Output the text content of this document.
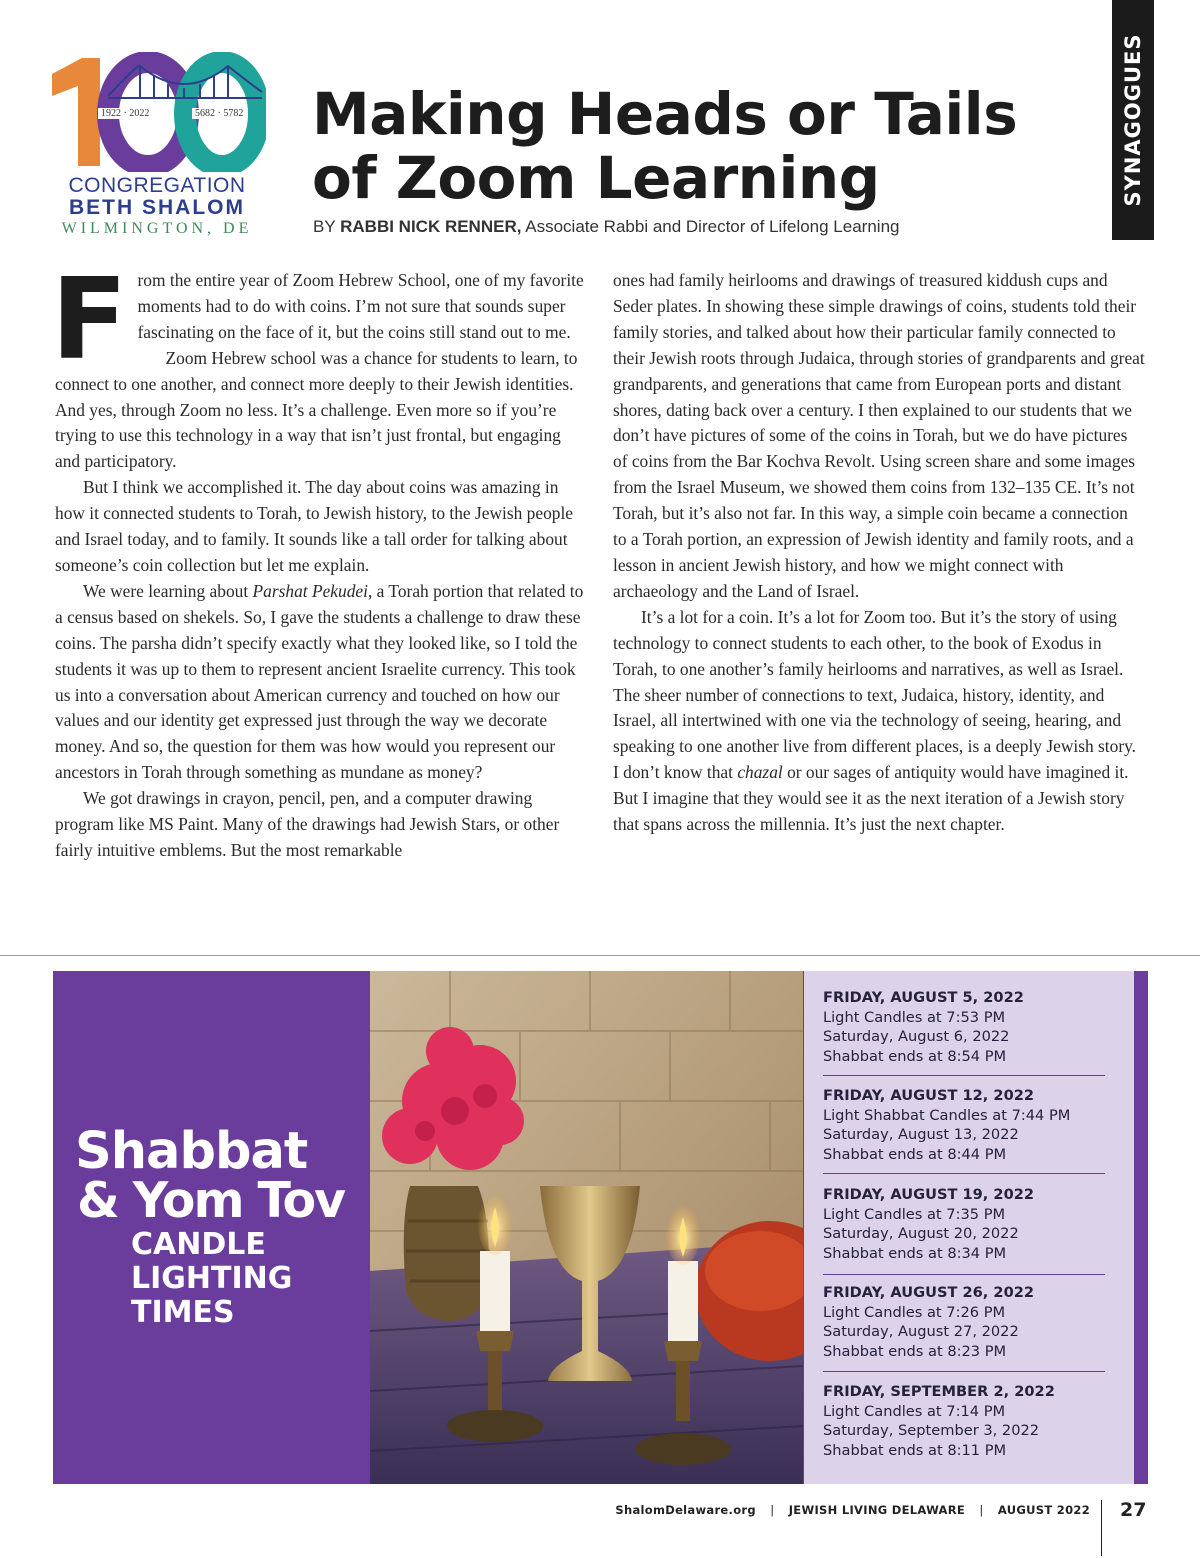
1922 · 2022	5682 · 5782
CONGREGATION
BETH SHALOM
WILMINGTON, DE
Making Heads or Tails
of Zoom Learning
BY RABBI NICK RENNER, Associate Rabbi and Director of Lifelong Learning
SYNAGOGUES

From the entire year of Zoom Hebrew School, one of my favorite moments had to do with coins. I’m not sure that sounds super fascinating on the face of it, but the coins still stand out to me.

Zoom Hebrew school was a chance for students to learn, to connect to one another, and connect more deeply to their Jewish identities. And yes, through Zoom no less. It’s a challenge. Even more so if you’re trying to use this technology in a way that isn’t just frontal, but engaging and participatory.

But I think we accomplished it. The day about coins was amazing in how it connected students to Torah, to Jewish history, to the Jewish people and Israel today, and to family. It sounds like a tall order for talking about someone’s coin collection but let me explain.

We were learning about Parshat Pekudei, a Torah portion that related to a census based on shekels. So, I gave the students a challenge to draw these coins. The parsha didn’t specify exactly what they looked like, so I told the students it was up to them to represent ancient Israelite currency. This took us into a conversation about American currency and touched on how our values and our identity get expressed just through the way we decorate money. And so, the question for them was how would you represent our ancestors in Torah through something as mundane as money?

We got drawings in crayon, pencil, pen, and a computer drawing program like MS Paint. Many of the drawings had Jewish Stars, or other fairly intuitive emblems. But the most remarkable

ones had family heirlooms and drawings of treasured kiddush cups and Seder plates. In showing these simple drawings of coins, students told their family stories, and talked about how their particular family connected to their Jewish roots through Judaica, through stories of grandparents and great grandparents, and generations that came from European ports and distant shores, dating back over a century. I then explained to our students that we don’t have pictures of some of the coins in Torah, but we do have pictures of coins from the Bar Kochva Revolt. Using screen share and some images from the Israel Museum, we showed them coins from 132–135 CE. It’s not Torah, but it’s also not far. In this way, a simple coin became a connection to a Torah portion, an expression of Jewish identity and family roots, and a lesson in ancient Jewish history, and how we might connect with archaeology and the Land of Israel.

It’s a lot for a coin. It’s a lot for Zoom too. But it’s the story of using technology to connect students to each other, to the book of Exodus in Torah, to one another’s family heirlooms and narratives, as well as Israel. The sheer number of connections to text, Judaica, history, identity, and Israel, all intertwined with one via the technology of seeing, hearing, and speaking to one another live from different places, is a deeply Jewish story. I don’t know that chazal or our sages of antiquity would have imagined it. But I imagine that they would see it as the next iteration of a Jewish story that spans across the millennia. It’s just the next chapter.

Shabbat
& Yom Tov
CANDLE
LIGHTING
TIMES
FRIDAY, AUGUST 5, 2022
Light Candles at 7:53 PM
Saturday, August 6, 2022
Shabbat ends at 8:54 PM
FRIDAY, AUGUST 12, 2022
Light Shabbat Candles at 7:44 PM
Saturday, August 13, 2022
Shabbat ends at 8:44 PM
FRIDAY, AUGUST 19, 2022
Light Candles at 7:35 PM
Saturday, August 20, 2022
Shabbat ends at 8:34 PM
FRIDAY, AUGUST 26, 2022
Light Candles at 7:26 PM
Saturday, August 27, 2022
Shabbat ends at 8:23 PM
FRIDAY, SEPTEMBER 2, 2022
Light Candles at 7:14 PM
Saturday, September 3, 2022
Shabbat ends at 8:11 PM
ShalomDelaware.org | JEWISH LIVING DELAWARE | AUGUST 2022 27
